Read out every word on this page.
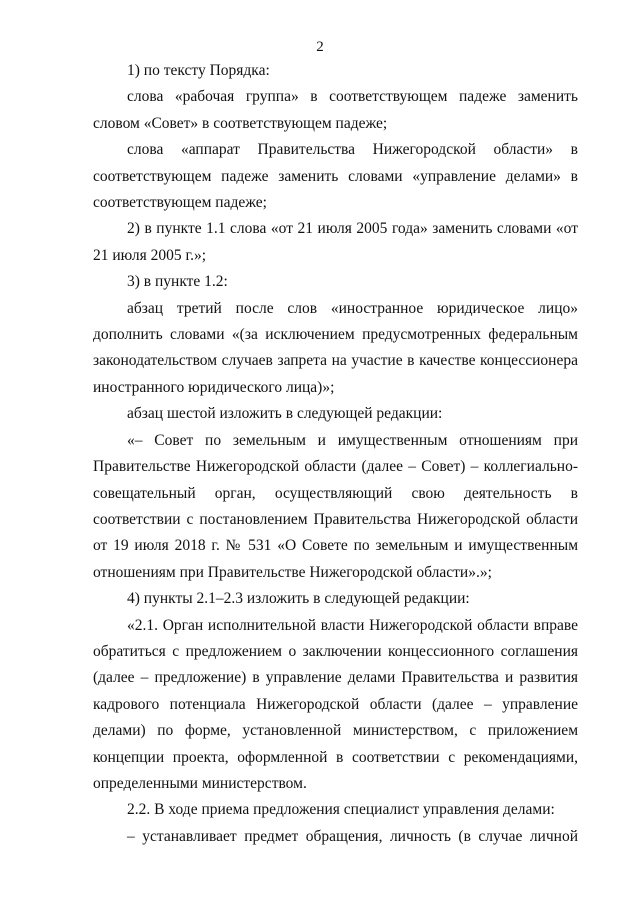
2

1) по тексту Порядка:

слова «рабочая группа» в соответствующем падеже заменить словом «Совет» в соответствующем падеже;

слова «аппарат Правительства Нижегородской области» в соответствующем падеже заменить словами «управление делами» в соответствующем падеже;

2) в пункте 1.1 слова «от 21 июля 2005 года» заменить словами «от 21 июля 2005 г.»;

3) в пункте 1.2:

абзац третий после слов «иностранное юридическое лицо» дополнить словами «(за исключением предусмотренных федеральным законодательством случаев запрета на участие в качестве концессионера иностранного юридического лица)»;

абзац шестой изложить в следующей редакции:

«– Совет по земельным и имущественным отношениям при Правительстве Нижегородской области (далее – Совет) – коллегиально-совещательный орган, осуществляющий свою деятельность в соответствии с постановлением Правительства Нижегородской области от 19 июля 2018 г. № 531 «О Совете по земельным и имущественным отношениям при Правительстве Нижегородской области».»;

4) пункты 2.1–2.3 изложить в следующей редакции:

«2.1. Орган исполнительной власти Нижегородской области вправе обратиться с предложением о заключении концессионного соглашения (далее – предложение) в управление делами Правительства и развития кадрового потенциала Нижегородской области (далее – управление делами) по форме, установленной министерством, с приложением концепции проекта, оформленной в соответствии с рекомендациями, определенными министерством.

2.2. В ходе приема предложения специалист управления делами:

– устанавливает предмет обращения, личность (в случае личной
